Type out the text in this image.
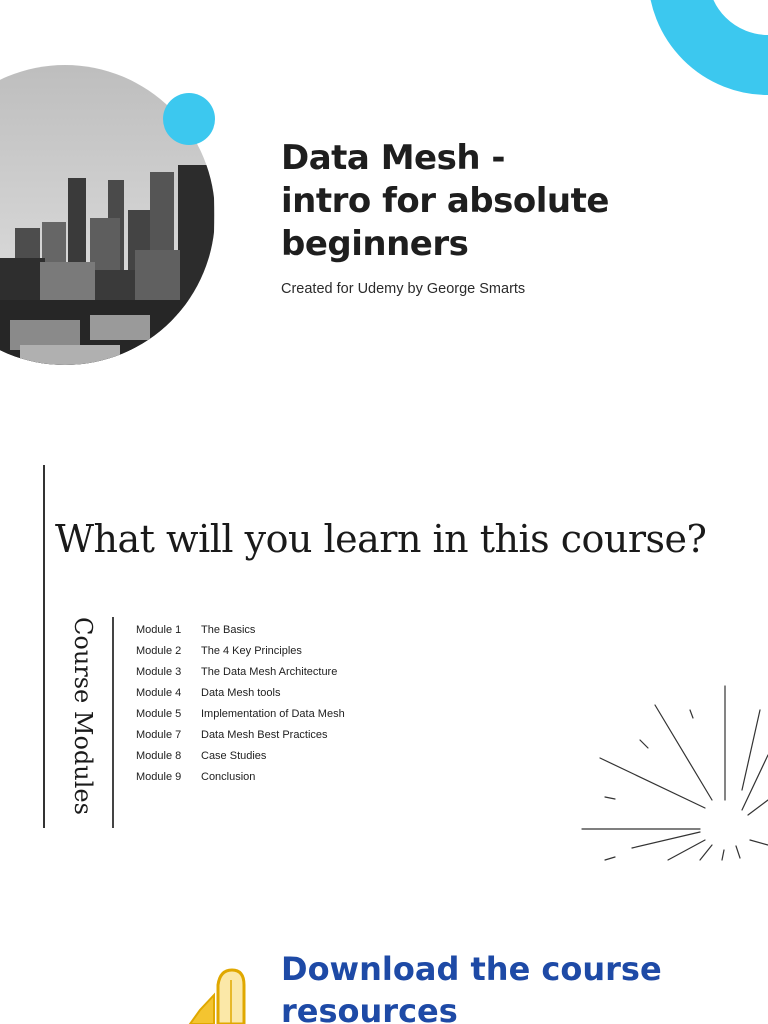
Data Mesh -
intro for absolute
beginners
Created for Udemy by George Smarts
What will you learn in this course?
Course Modules	Module 1	The Basics
Module 2	The 4 Key Principles
Module 3	The Data Mesh Architecture
Module 4	Data Mesh tools
Module 5	Implementation of Data Mesh
Module 7	Data Mesh Best Practices
Module 8	Case Studies
Module 9	Conclusion
Download the course
resources
